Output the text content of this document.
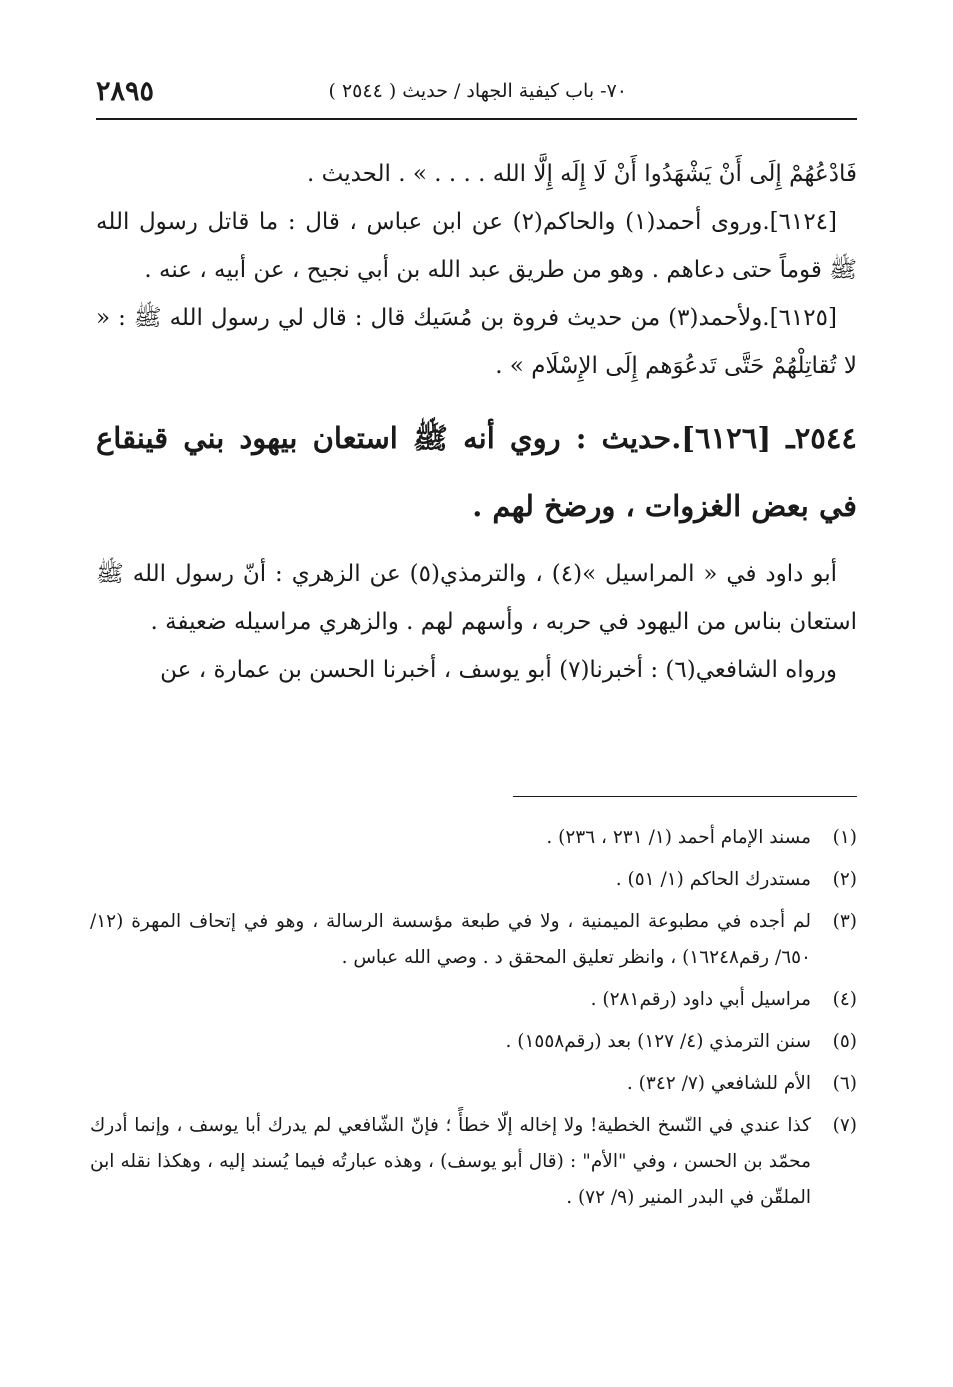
٢٨٩٥	٧٠- باب كيفية الجهاد / حديث ( ٢٥٤٤ )

فَادْعُهُمْ إِلَى أَنْ يَشْهَدُوا أَنْ لَا إِلَه إِلَّا الله . . . . » . الحديث .

[٦١٢٤].وروى أحمد(١) والحاكم(٢) عن ابن عباس ، قال : ما قاتل رسول الله ﷺ قوماً حتى دعاهم . وهو من طريق عبد الله بن أبي نجيح ، عن أبيه ، عنه .

[٦١٢٥].ولأحمد(٣) من حديث فروة بن مُسَيك قال : قال لي رسول الله ﷺ : « لا تُقاتِلْهُمْ حَتَّى تَدعُوَهم إِلَى الإِسْلَام » .

٢٥٤٤ـ [٦١٢٦].حديث : روي أنه ﷺ استعان بيهود بني قينقاع في بعض الغزوات ، ورضخ لهم .

أبو داود في « المراسيل »(٤) ، والترمذي(٥) عن الزهري : أنّ رسول الله ﷺ استعان بناس من اليهود في حربه ، وأسهم لهم . والزهري مراسيله ضعيفة .

ورواه الشافعي(٦) : أخبرنا(٧) أبو يوسف ، أخبرنا الحسن بن عمارة ، عن

(١)
مسند الإمام أحمد (١/ ٢٣١ ، ٢٣٦) .
(٢)
مستدرك الحاكم (١/ ٥١) .
(٣)
لم أجده في مطبوعة الميمنية ، ولا في طبعة مؤسسة الرسالة ، وهو في إتحاف المهرة (١٢/ ٦٥٠/ رقم١٦٢٤٨) ، وانظر تعليق المحقق د . وصي الله عباس .
(٤)
مراسيل أبي داود (رقم٢٨١) .
(٥)
سنن الترمذي (٤/ ١٢٧) بعد (رقم١٥٥٨) .
(٦)
الأم للشافعي (٧/ ٣٤٢) .
(٧)
كذا عندي في النّسخ الخطية! ولا إخاله إلّا خطأً ؛ فإنّ الشّافعي لم يدرك أبا يوسف ، وإنما أدرك محمّد بن الحسن ، وفي "الأم" : (قال أبو يوسف) ، وهذه عبارتُه فيما يُسند إليه ، وهكذا نقله ابن الملقّن في البدر المنير (٩/ ٧٢) .
